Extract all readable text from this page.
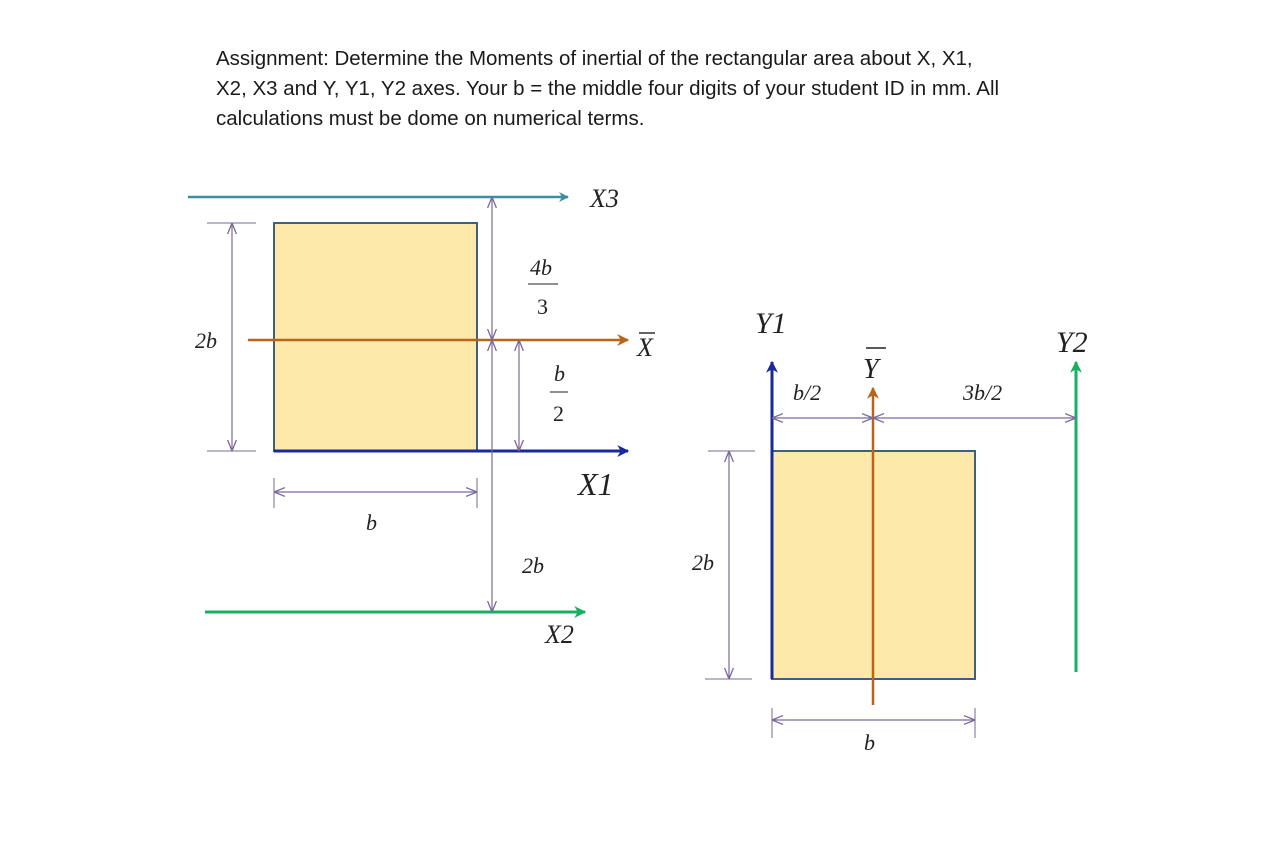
Assignment: Determine the Moments of inertial of the rectangular area about X, X1,
X2, X3 and Y, Y1, Y2 axes. Your b = the middle four digits of your student ID in mm. All
calculations must be dome on numerical terms.

X3
X
X1
X2
2b
b
4b
3
2b
b
2
Y1
Y
Y2
b/2	3b/2
2b
b
